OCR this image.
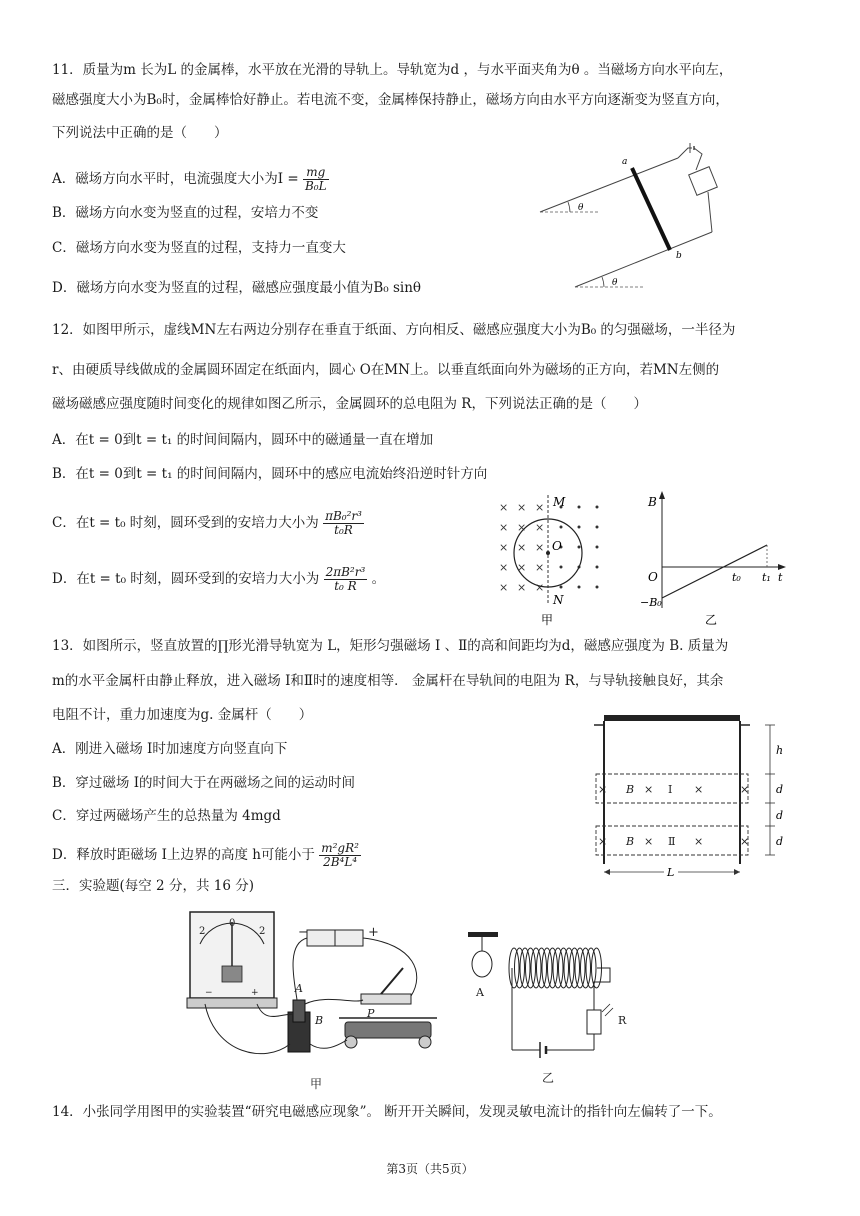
11．质量为m 长为L 的金属棒，水平放在光滑的导轨上。导轨宽为d ，与水平面夹角为θ 。当磁场方向水平向左，
磁感强度大小为B₀时，金属棒恰好静止。若电流不变，金属棒保持静止，磁场方向由水平方向逐渐变为竖直方向，
下列说法中正确的是（　　）
A．磁场方向水平时，电流强度大小为$I = \frac{mg}{\text{B₀L}}$
B．磁场方向水变为竖直的过程，安培力不变
C．磁场方向水变为竖直的过程，支持力一直变大
D．磁场方向水变为竖直的过程，磁感应强度最小值为B₀ sinθ
θ
θ
a
b
12．如图甲所示，虚线MN左右两边分别存在垂直于纸面、方向相反、磁感应强度大小为B₀ 的匀强磁场，一半径为
r、由硬质导线做成的金属圆环固定在纸面内，圆心 O在MN上。以垂直纸面向外为磁场的正方向，若MN左侧的
磁场磁感应强度随时间变化的规律如图乙所示，金属圆环的总电阻为 R，下列说法正确的是（　　）
A．在t = 0到t = t₁ 的时间间隔内，圆环中的磁通量一直在增加
B．在t = 0到t = t₁ 的时间间隔内，圆环中的感应电流始终沿逆时针方向
C．在t = t₀ 时刻，圆环受到的安培力大小为 $\frac{\text{πB₀²r³}}{\text{t₀R}}$
D．在t = t₀ 时刻，圆环受到的安培力大小为 $\frac{\text{2πB²r³}}{\text{t₀ R}}$ 。
×
×
×
×
×
×
×
×
×
×
×
×
×
×
×
M
N
O
甲
B
O
−B₀
t₀ t₁ t
乙
13．如图所示，竖直放置的∏形光滑导轨宽为 L，矩形匀强磁场 Ⅰ 、Ⅱ的高和间距均为d，磁感应强度为 B. 质量为
m的水平金属杆由静止释放，进入磁场 Ⅰ和Ⅱ时的速度相等． 金属杆在导轨间的电阻为 R，与导轨接触良好，其余
电阻不计，重力加速度为g. 金属杆（　　）
A．刚进入磁场 Ⅰ时加速度方向竖直向下
B．穿过磁场 Ⅰ的时间大于在两磁场之间的运动时间
C．穿过两磁场产生的总热量为 4mgd
D．释放时距磁场 Ⅰ上边界的高度 h可能小于 $\frac{\text{m²gR²}}{\text{2B⁴L⁴}}$
× B × Ⅰ ×	×
× B × Ⅱ ×	×
h
d
d
d
L
三．实验题(每空 2 分，共 16 分)
2
0
2
−	+
−	+
P
A
B
甲
A
R
乙
14．小张同学用图甲的实验装置“研究电磁感应现象”。 断开开关瞬间，发现灵敏电流计的指针向左偏转了一下。
第3页（共5页）
